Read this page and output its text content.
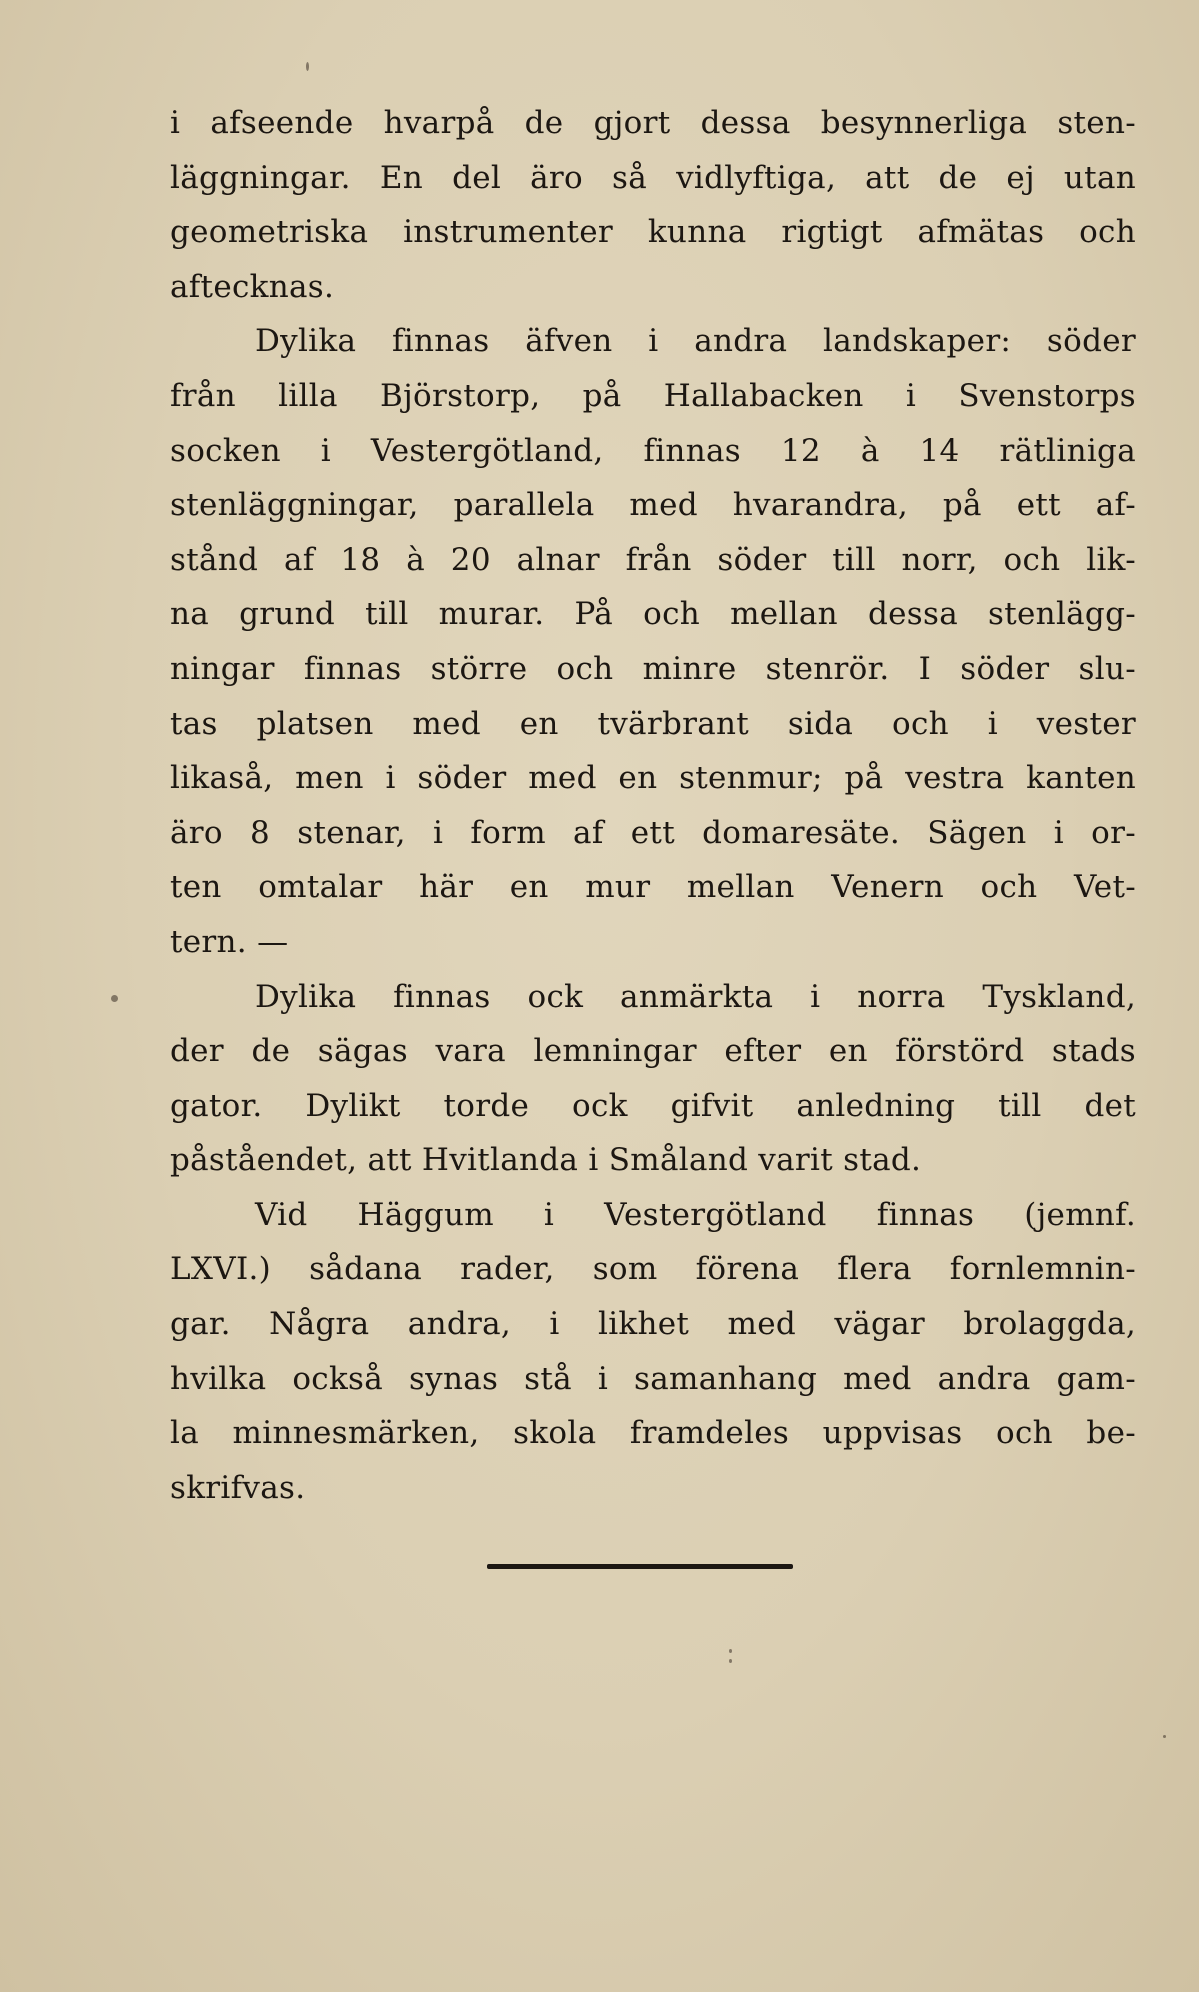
i afseende hvarpå de gjort dessa besynnerliga sten-
läggningar. En del äro så vidlyftiga, att de ej utan
geometriska instrumenter kunna rigtigt afmätas och
aftecknas.
Dylika finnas äfven i andra landskaper: söder
från lilla Björstorp, på Hallabacken i Svenstorps
socken i Vestergötland, finnas 12 à 14 rätliniga
stenläggningar, parallela med hvarandra, på ett af-
stånd af 18 à 20 alnar från söder till norr, och lik-
na grund till murar. På och mellan dessa stenlägg-
ningar finnas större och minre stenrör. I söder slu-
tas platsen med en tvärbrant sida och i vester
likaså, men i söder med en stenmur; på vestra kanten
äro 8 stenar, i form af ett domaresäte. Sägen i or-
ten omtalar här en mur mellan Venern och Vet-
tern. —
Dylika finnas ock anmärkta i norra Tyskland,
der de sägas vara lemningar efter en förstörd stads
gator. Dylikt torde ock gifvit anledning till det
påståendet, att Hvitlanda i Småland varit stad.
Vid Häggum i Vestergötland finnas (jemnf.
LXVI.) sådana rader, som förena flera fornlemnin-
gar. Några andra, i likhet med vägar brolaggda,
hvilka också synas stå i samanhang med andra gam-
la minnesmärken, skola framdeles uppvisas och be-
skrifvas.
